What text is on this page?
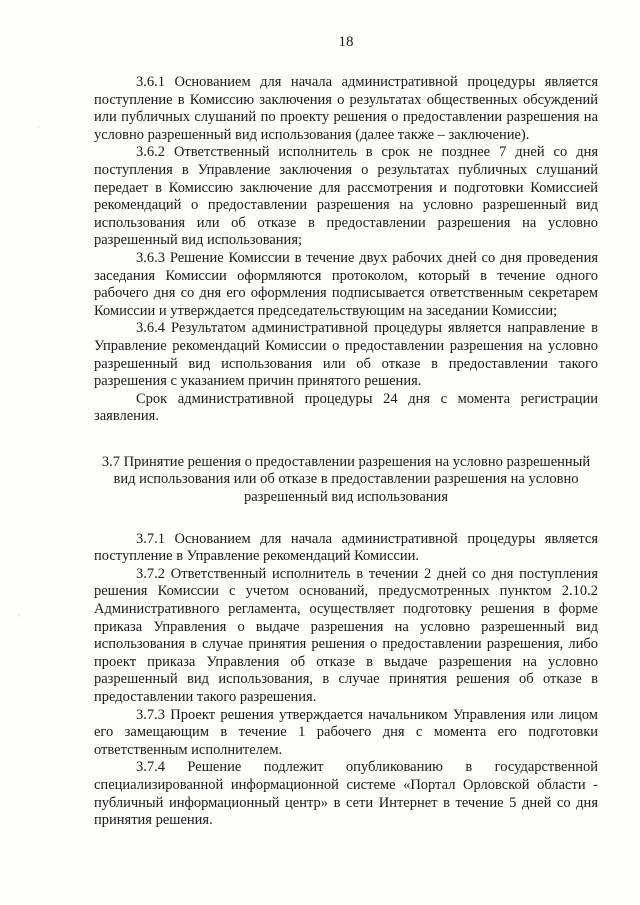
18

3.6.1 Основанием для начала административной процедуры является поступление в Комиссию заключения о результатах общественных обсуждений или публичных слушаний по проекту решения о предоставлении разрешения на условно разрешенный вид использования (далее также – заключение).

3.6.2 Ответственный исполнитель в срок не позднее 7 дней со дня поступления в Управление заключения о результатах публичных слушаний передает в Комиссию заключение для рассмотрения и подготовки Комиссией рекомендаций о предоставлении разрешения на условно разрешенный вид использования или об отказе в предоставлении разрешения на условно разрешенный вид использования;

3.6.3 Решение Комиссии в течение двух рабочих дней со дня проведения заседания Комиссии оформляются протоколом, который в течение одного рабочего дня со дня его оформления подписывается ответственным секретарем Комиссии и утверждается председательствующим на заседании Комиссии;

3.6.4 Результатом административной процедуры является направление в Управление рекомендаций Комиссии о предоставлении разрешения на условно разрешенный вид использования или об отказе в предоставлении такого разрешения с указанием причин принятого решения.

Срок административной процедуры 24 дня с момента регистрации заявления.

3.7 Принятие решения о предоставлении разрешения на условно разрешенный вид использования или об отказе в предоставлении разрешения на условно разрешенный вид использования

3.7.1 Основанием для начала административной процедуры является поступление в Управление рекомендаций Комиссии.

3.7.2 Ответственный исполнитель в течении 2 дней со дня поступления решения Комиссии с учетом оснований, предусмотренных пунктом 2.10.2 Административного регламента, осуществляет подготовку решения в форме приказа Управления о выдаче разрешения на условно разрешенный вид использования в случае принятия решения о предоставлении разрешения, либо проект приказа Управления об отказе в выдаче разрешения на условно разрешенный вид использования, в случае принятия решения об отказе в предоставлении такого разрешения.

3.7.3 Проект решения утверждается начальником Управления или лицом его замещающим в течение 1 рабочего дня с момента его подготовки ответственным исполнителем.

3.7.4 Решение подлежит опубликованию в государственной специализированной информационной системе «Портал Орловской области - публичный информационный центр» в сети Интернет в течение 5 дней со дня принятия решения.
